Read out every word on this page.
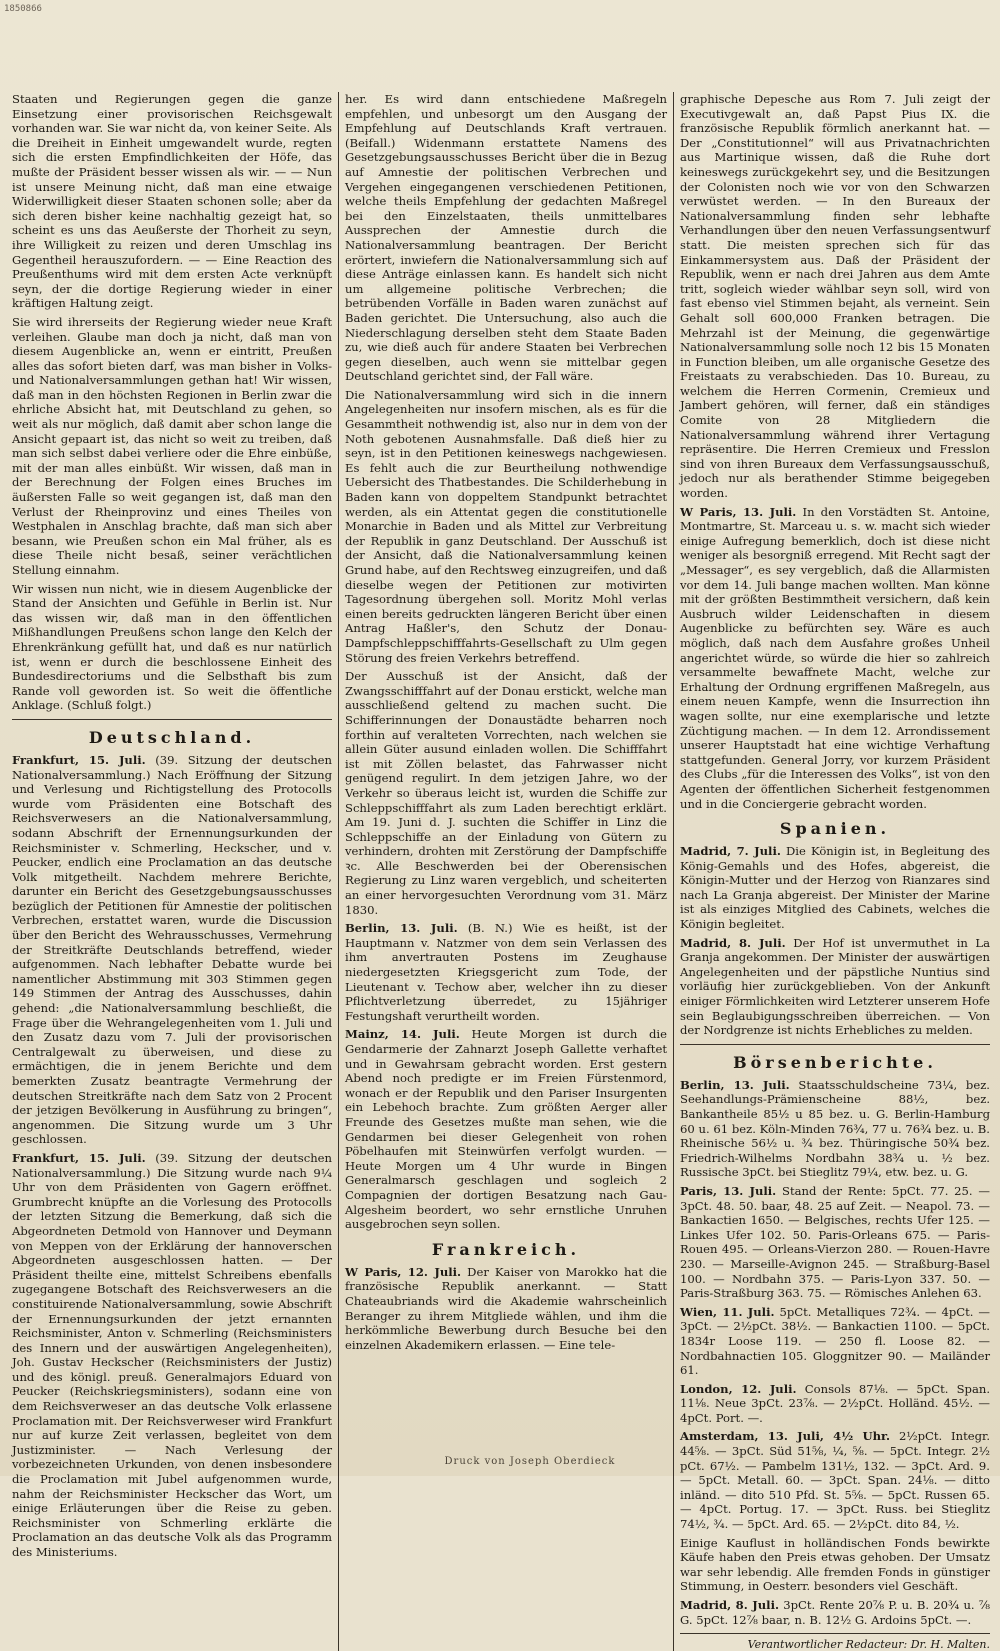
1850866

Staaten und Regierungen gegen die ganze Einsetzung einer provisorischen Reichsgewalt vorhanden war. Sie war nicht da, von keiner Seite. Als die Dreiheit in Einheit umgewandelt wurde, regten sich die ersten Empfindlichkeiten der Höfe, das mußte der Präsident besser wissen als wir. — — Nun ist unsere Meinung nicht, daß man eine etwaige Widerwilligkeit dieser Staaten schonen solle; aber da sich deren bisher keine nachhaltig gezeigt hat, so scheint es uns das Aeußerste der Thorheit zu seyn, ihre Willigkeit zu reizen und deren Umschlag ins Gegentheil herauszufordern. — — Eine Reaction des Preußenthums wird mit dem ersten Acte verknüpft seyn, der die dortige Regierung wieder in einer kräftigen Haltung zeigt.

Sie wird ihrerseits der Regierung wieder neue Kraft verleihen. Glaube man doch ja nicht, daß man von diesem Augenblicke an, wenn er eintritt, Preußen alles das sofort bieten darf, was man bisher in Volks- und Nationalversammlungen gethan hat! Wir wissen, daß man in den höchsten Regionen in Berlin zwar die ehrliche Absicht hat, mit Deutschland zu gehen, so weit als nur möglich, daß damit aber schon lange die Ansicht gepaart ist, das nicht so weit zu treiben, daß man sich selbst dabei verliere oder die Ehre einbüße, mit der man alles einbüßt. Wir wissen, daß man in der Berechnung der Folgen eines Bruches im äußersten Falle so weit gegangen ist, daß man den Verlust der Rheinprovinz und eines Theiles von Westphalen in Anschlag brachte, daß man sich aber besann, wie Preußen schon ein Mal früher, als es diese Theile nicht besaß, seiner verächtlichen Stellung einnahm.

Wir wissen nun nicht, wie in diesem Augenblicke der Stand der Ansichten und Gefühle in Berlin ist. Nur das wissen wir, daß man in den öffentlichen Mißhandlungen Preußens schon lange den Kelch der Ehrenkränkung gefüllt hat, und daß es nur natürlich ist, wenn er durch die beschlossene Einheit des Bundesdirectoriums und die Selbsthaft bis zum Rande voll geworden ist. So weit die öffentliche Anklage. (Schluß folgt.)

Deutschland.

Frankfurt, 15. Juli. (39. Sitzung der deutschen Nationalversammlung.) Nach Eröffnung der Sitzung und Verlesung und Richtigstellung des Protocolls wurde vom Präsidenten eine Botschaft des Reichsverwesers an die Nationalversammlung, sodann Abschrift der Ernennungsurkunden der Reichsminister v. Schmerling, Heckscher, und v. Peucker, endlich eine Proclamation an das deutsche Volk mitgetheilt. Nachdem mehrere Berichte, darunter ein Bericht des Gesetzgebungsausschusses bezüglich der Petitionen für Amnestie der politischen Verbrechen, erstattet waren, wurde die Discussion über den Bericht des Wehrausschusses, Vermehrung der Streitkräfte Deutschlands betreffend, wieder aufgenommen. Nach lebhafter Debatte wurde bei namentlicher Abstimmung mit 303 Stimmen gegen 149 Stimmen der Antrag des Ausschusses, dahin gehend: „die Nationalversammlung beschließt, die Frage über die Wehrangelegenheiten vom 1. Juli und den Zusatz dazu vom 7. Juli der provisorischen Centralgewalt zu überweisen, und diese zu ermächtigen, die in jenem Berichte und dem bemerkten Zusatz beantragte Vermehrung der deutschen Streitkräfte nach dem Satz von 2 Procent der jetzigen Bevölkerung in Ausführung zu bringen“, angenommen. Die Sitzung wurde um 3 Uhr geschlossen.

Frankfurt, 15. Juli. (39. Sitzung der deutschen Nationalversammlung.) Die Sitzung wurde nach 9¼ Uhr von dem Präsidenten von Gagern eröffnet. Grumbrecht knüpfte an die Vorlesung des Protocolls der letzten Sitzung die Bemerkung, daß sich die Abgeordneten Detmold von Hannover und Deymann von Meppen von der Erklärung der hannoverschen Abgeordneten ausgeschlossen hatten. — Der Präsident theilte eine, mittelst Schreibens ebenfalls zugegangene Botschaft des Reichsverwesers an die constituirende Nationalversammlung, sowie Abschrift der Ernennungsurkunden der jetzt ernannten Reichsminister, Anton v. Schmerling (Reichsministers des Innern und der auswärtigen Angelegenheiten), Joh. Gustav Heckscher (Reichsministers der Justiz) und des königl. preuß. Generalmajors Eduard von Peucker (Reichskriegsministers), sodann eine von dem Reichsverweser an das deutsche Volk erlassene Proclamation mit. Der Reichsverweser wird Frankfurt nur auf kurze Zeit verlassen, begleitet von dem Justizminister. — Nach Verlesung der vorbezeichneten Urkunden, von denen insbesondere die Proclamation mit Jubel aufgenommen wurde, nahm der Reichsminister Heckscher das Wort, um einige Erläuterungen über die Reise zu geben. Reichsminister von Schmerling erklärte die Proclamation an das deutsche Volk als das Programm des Ministeriums.

her. Es wird dann entschiedene Maßregeln empfehlen, und unbesorgt um den Ausgang der Empfehlung auf Deutschlands Kraft vertrauen. (Beifall.) Widenmann erstattete Namens des Gesetzgebungsausschusses Bericht über die in Bezug auf Amnestie der politischen Verbrechen und Vergehen eingegangenen verschiedenen Petitionen, welche theils Empfehlung der gedachten Maßregel bei den Einzelstaaten, theils unmittelbares Aussprechen der Amnestie durch die Nationalversammlung beantragen. Der Bericht erörtert, inwiefern die Nationalversammlung sich auf diese Anträge einlassen kann. Es handelt sich nicht um allgemeine politische Verbrechen; die betrübenden Vorfälle in Baden waren zunächst auf Baden gerichtet. Die Untersuchung, also auch die Niederschlagung derselben steht dem Staate Baden zu, wie dieß auch für andere Staaten bei Verbrechen gegen dieselben, auch wenn sie mittelbar gegen Deutschland gerichtet sind, der Fall wäre.

Die Nationalversammlung wird sich in die innern Angelegenheiten nur insofern mischen, als es für die Gesammtheit nothwendig ist, also nur in dem von der Noth gebotenen Ausnahmsfalle. Daß dieß hier zu seyn, ist in den Petitionen keineswegs nachgewiesen. Es fehlt auch die zur Beurtheilung nothwendige Uebersicht des Thatbestandes. Die Schilderhebung in Baden kann von doppeltem Standpunkt betrachtet werden, als ein Attentat gegen die constitutionelle Monarchie in Baden und als Mittel zur Verbreitung der Republik in ganz Deutschland. Der Ausschuß ist der Ansicht, daß die Nationalversammlung keinen Grund habe, auf den Rechtsweg einzugreifen, und daß dieselbe wegen der Petitionen zur motivirten Tagesordnung übergehen soll. Moritz Mohl verlas einen bereits gedruckten längeren Bericht über einen Antrag Haßler's, den Schutz der Donau-Dampfschleppschifffahrts-Gesellschaft zu Ulm gegen Störung des freien Verkehrs betreffend.

Der Ausschuß ist der Ansicht, daß der Zwangsschifffahrt auf der Donau erstickt, welche man ausschließend geltend zu machen sucht. Die Schifferinnungen der Donaustädte beharren noch forthin auf veralteten Vorrechten, nach welchen sie allein Güter ausund einladen wollen. Die Schifffahrt ist mit Zöllen belastet, das Fahrwasser nicht genügend regulirt. In dem jetzigen Jahre, wo der Verkehr so überaus leicht ist, wurden die Schiffe zur Schleppschifffahrt als zum Laden berechtigt erklärt. Am 19. Juni d. J. suchten die Schiffer in Linz die Schleppschiffe an der Einladung von Gütern zu verhindern, drohten mit Zerstörung der Dampfschiffe ꝛc. Alle Beschwerden bei der Oberensischen Regierung zu Linz waren vergeblich, und scheiterten an einer hervorgesuchten Verordnung vom 31. März 1830.

Berlin, 13. Juli. (B. N.) Wie es heißt, ist der Hauptmann v. Natzmer von dem sein Verlassen des ihm anvertrauten Postens im Zeughause niedergesetzten Kriegsgericht zum Tode, der Lieutenant v. Techow aber, welcher ihn zu dieser Pflichtverletzung überredet, zu 15jähriger Festungshaft verurtheilt worden.

Mainz, 14. Juli. Heute Morgen ist durch die Gendarmerie der Zahnarzt Joseph Gallette verhaftet und in Gewahrsam gebracht worden. Erst gestern Abend noch predigte er im Freien Fürstenmord, wonach er der Republik und den Pariser Insurgenten ein Lebehoch brachte. Zum größten Aerger aller Freunde des Gesetzes mußte man sehen, wie die Gendarmen bei dieser Gelegenheit von rohen Pöbelhaufen mit Steinwürfen verfolgt wurden. — Heute Morgen um 4 Uhr wurde in Bingen Generalmarsch geschlagen und sogleich 2 Compagnien der dortigen Besatzung nach Gau-Algesheim beordert, wo sehr ernstliche Unruhen ausgebrochen seyn sollen.

Frankreich.

W Paris, 12. Juli. Der Kaiser von Marokko hat die französische Republik anerkannt. — Statt Chateaubriands wird die Akademie wahrscheinlich Beranger zu ihrem Mitgliede wählen, und ihm die herkömmliche Bewerbung durch Besuche bei den einzelnen Akademikern erlassen. — Eine tele-

graphische Depesche aus Rom 7. Juli zeigt der Executivgewalt an, daß Papst Pius IX. die französische Republik förmlich anerkannt hat. — Der „Constitutionnel“ will aus Privatnachrichten aus Martinique wissen, daß die Ruhe dort keineswegs zurückgekehrt sey, und die Besitzungen der Colonisten noch wie vor von den Schwarzen verwüstet werden. — In den Bureaux der Nationalversammlung finden sehr lebhafte Verhandlungen über den neuen Verfassungsentwurf statt. Die meisten sprechen sich für das Einkammersystem aus. Daß der Präsident der Republik, wenn er nach drei Jahren aus dem Amte tritt, sogleich wieder wählbar seyn soll, wird von fast ebenso viel Stimmen bejaht, als verneint. Sein Gehalt soll 600,000 Franken betragen. Die Mehrzahl ist der Meinung, die gegenwärtige Nationalversammlung solle noch 12 bis 15 Monaten in Function bleiben, um alle organische Gesetze des Freistaats zu verabschieden. Das 10. Bureau, zu welchem die Herren Cormenin, Cremieux und Jambert gehören, will ferner, daß ein ständiges Comite von 28 Mitgliedern die Nationalversammlung während ihrer Vertagung repräsentire. Die Herren Cremieux und Fresslon sind von ihren Bureaux dem Verfassungsausschuß, jedoch nur als berathender Stimme beigegeben worden.

W Paris, 13. Juli. In den Vorstädten St. Antoine, Montmartre, St. Marceau u. s. w. macht sich wieder einige Aufregung bemerklich, doch ist diese nicht weniger als besorgniß erregend. Mit Recht sagt der „Messager“, es sey vergeblich, daß die Allarmisten vor dem 14. Juli bange machen wollten. Man könne mit der größten Bestimmtheit versichern, daß kein Ausbruch wilder Leidenschaften in diesem Augenblicke zu befürchten sey. Wäre es auch möglich, daß nach dem Ausfahre großes Unheil angerichtet würde, so würde die hier so zahlreich versammelte bewaffnete Macht, welche zur Erhaltung der Ordnung ergriffenen Maßregeln, aus einem neuen Kampfe, wenn die Insurrection ihn wagen sollte, nur eine exemplarische und letzte Züchtigung machen. — In dem 12. Arrondissement unserer Hauptstadt hat eine wichtige Verhaftung stattgefunden. General Jorry, vor kurzem Präsident des Clubs „für die Interessen des Volks“, ist von den Agenten der öffentlichen Sicherheit festgenommen und in die Conciergerie gebracht worden.

Spanien.

Madrid, 7. Juli. Die Königin ist, in Begleitung des König-Gemahls und des Hofes, abgereist, die Königin-Mutter und der Herzog von Rianzares sind nach La Granja abgereist. Der Minister der Marine ist als einziges Mitglied des Cabinets, welches die Königin begleitet.

Madrid, 8. Juli. Der Hof ist unvermuthet in La Granja angekommen. Der Minister der auswärtigen Angelegenheiten und der päpstliche Nuntius sind vorläufig hier zurückgeblieben. Von der Ankunft einiger Förmlichkeiten wird Letzterer unserem Hofe sein Beglaubigungsschreiben überreichen. — Von der Nordgrenze ist nichts Erhebliches zu melden.

Börsenberichte.

Berlin, 13. Juli. Staatsschuldscheine 73¼, bez. Seehandlungs-Prämienscheine 88½, bez. Bankantheile 85½ u 85 bez. u. G. Berlin-Hamburg 60 u. 61 bez. Köln-Minden 76¾, 77 u. 76¾ bez. u. B. Rheinische 56½ u. ¾ bez. Thüringische 50¾ bez. Friedrich-Wilhelms Nordbahn 38¾ u. ½ bez. Russische 3pCt. bei Stieglitz 79¼, etw. bez. u. G.

Paris, 13. Juli. Stand der Rente: 5pCt. 77. 25. — 3pCt. 48. 50. baar, 48. 25 auf Zeit. — Neapol. 73. — Bankactien 1650. — Belgisches, rechts Ufer 125. — Linkes Ufer 102. 50. Paris-Orleans 675. — Paris-Rouen 495. — Orleans-Vierzon 280. — Rouen-Havre 230. — Marseille-Avignon 245. — Straßburg-Basel 100. — Nordbahn 375. — Paris-Lyon 337. 50. — Paris-Straßburg 363. 75. — Römisches Anlehen 63.

Wien, 11. Juli. 5pCt. Metalliques 72¾. — 4pCt. — 3pCt. — 2½pCt. 38½. — Bankactien 1100. — 5pCt. 1834r Loose 119. — 250 fl. Loose 82. — Nordbahnactien 105. Gloggnitzer 90. — Mailänder 61.

London, 12. Juli. Consols 87⅛. — 5pCt. Span. 11⅛. Neue 3pCt. 23⅞. — 2½pCt. Holländ. 45½. — 4pCt. Port. —.

Amsterdam, 13. Juli, 4½ Uhr. 2½pCt. Integr. 44⅝. — 3pCt. Süd 51⅝, ¼, ⅝. — 5pCt. Integr. 2½ pCt. 67½. — Pambelm 131½, 132. — 3pCt. Ard. 9. — 5pCt. Metall. 60. — 3pCt. Span. 24⅛. — ditto inländ. — dito 510 Pfd. St. 5⅝. — 5pCt. Russen 65. — 4pCt. Portug. 17. — 3pCt. Russ. bei Stieglitz 74½, ¾. — 5pCt. Ard. 65. — 2½pCt. dito 84, ½.

Einige Kauflust in holländischen Fonds bewirkte Käufe haben den Preis etwas gehoben. Der Umsatz war sehr lebendig. Alle fremden Fonds in günstiger Stimmung, in Oesterr. besonders viel Geschäft.

Madrid, 8. Juli. 3pCt. Rente 20⅞ P. u. B. 20¾ u. ⅞ G. 5pCt. 12⅞ baar, n. B. 12½ G. Ardoins 5pCt. —.

Verantwortlicher Redacteur: Dr. H. Malten.
Druck von Joseph Oberdieck
